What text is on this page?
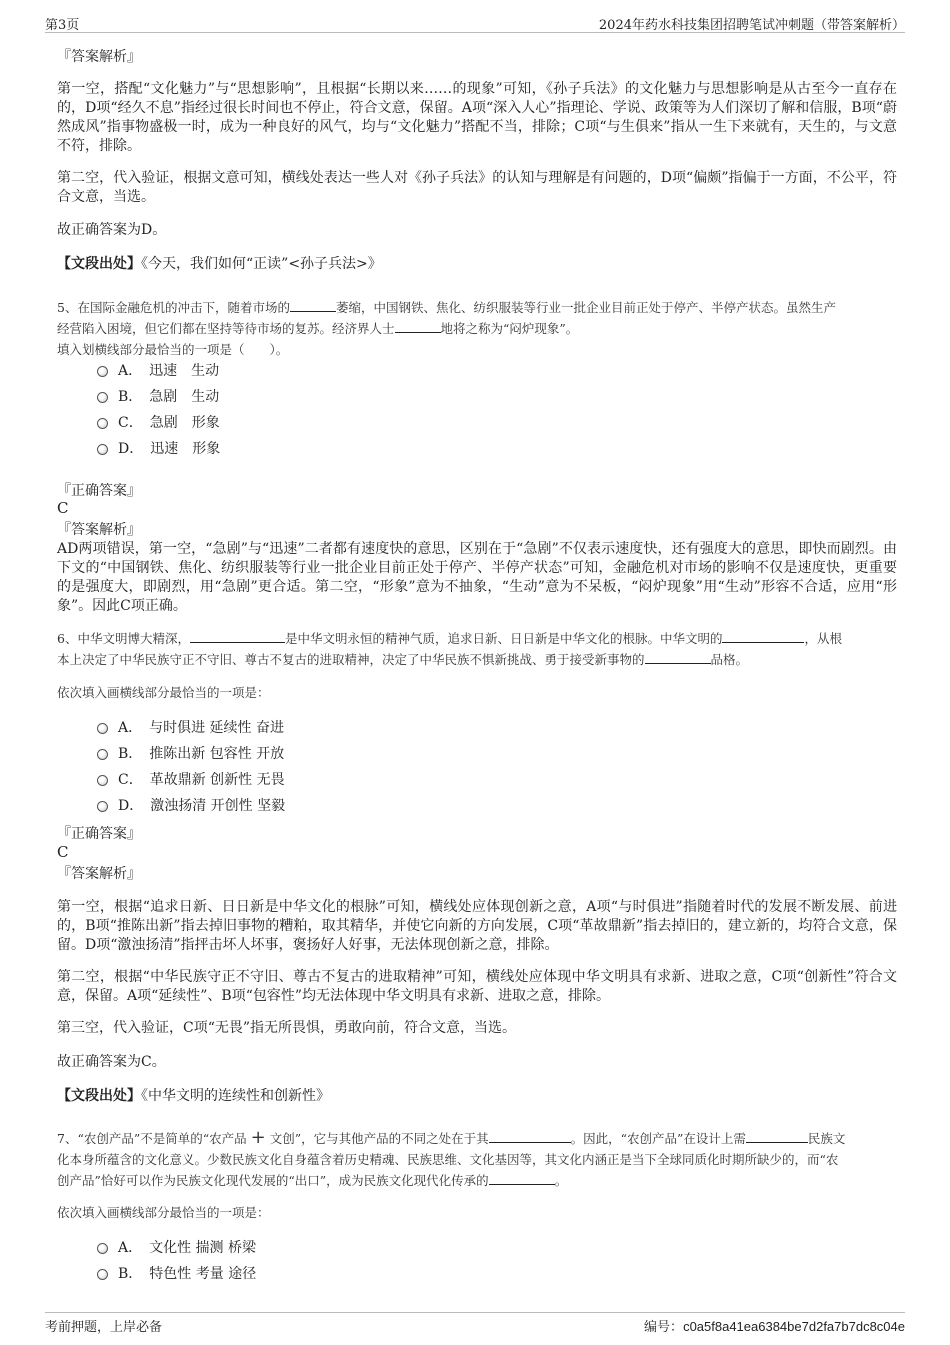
第3页	2024年药水科技集团招聘笔试冲刺题（带答案解析）
『答案解析』
第一空，搭配“文化魅力”与“思想影响”，且根据“长期以来……的现象”可知，《孙子兵法》的文化魅力与思想影响是从古至今一直存在的，D项“经久不息”指经过很长时间也不停止，符合文意，保留。A项“深入人心”指理论、学说、政策等为人们深切了解和信服，B项“蔚然成风”指事物盛极一时，成为一种良好的风气，均与“文化魅力”搭配不当，排除；C项“与生俱来”指从一生下来就有，天生的，与文意不符，排除。
第二空，代入验证，根据文意可知，横线处表达一些人对《孙子兵法》的认知与理解是有问题的，D项“偏颇”指偏于一方面，不公平，符合文意，当选。
故正确答案为D。
【文段出处】《今天，我们如何“正读”<孙子兵法>》
5、在国际金融危机的冲击下，随着市场的	萎缩，中国钢铁、焦化、纺织服装等行业一批企业目前正处于停产、半停产状态。虽然生产
经营陷入困境，但它们都在坚持等待市场的复苏。经济界人士	地将之称为“闷炉现象”。
填入划横线部分最恰当的一项是（　　）。
A．　迅速　生动
B．　急剧　生动
C．　急剧　形象
D．　迅速　形象
『正确答案』
C
『答案解析』
AD两项错误，第一空，“急剧”与“迅速”二者都有速度快的意思，区别在于“急剧”不仅表示速度快，还有强度大的意思，即快而剧烈。由下文的“中国钢铁、焦化、纺织服装等行业一批企业目前正处于停产、半停产状态”可知，金融危机对市场的影响不仅是速度快，更重要的是强度大，即剧烈，用“急剧”更合适。第二空，“形象”意为不抽象，“生动”意为不呆板，“闷炉现象”用“生动”形容不合适，应用“形象”。因此C项正确。
6、中华文明博大精深，	是中华文明永恒的精神气质，追求日新、日日新是中华文化的根脉。中华文明的	，从根
本上决定了中华民族守正不守旧、尊古不复古的进取精神，决定了中华民族不惧新挑战、勇于接受新事物的	品格。
依次填入画横线部分最恰当的一项是：
A．　与时俱进 延续性 奋进
B．　推陈出新 包容性 开放
C．　革故鼎新 创新性 无畏
D．　激浊扬清 开创性 坚毅
『正确答案』
C
『答案解析』
第一空，根据“追求日新、日日新是中华文化的根脉”可知，横线处应体现创新之意，A项“与时俱进”指随着时代的发展不断发展、前进的，B项“推陈出新”指去掉旧事物的糟粕，取其精华，并使它向新的方向发展，C项“革故鼎新”指去掉旧的，建立新的，均符合文意，保留。D项“激浊扬清”指抨击坏人坏事，褒扬好人好事，无法体现创新之意，排除。
第二空，根据“中华民族守正不守旧、尊古不复古的进取精神”可知，横线处应体现中华文明具有求新、进取之意，C项“创新性”符合文意，保留。A项“延续性”、B项“包容性”均无法体现中华文明具有求新、进取之意，排除。
第三空，代入验证，C项“无畏”指无所畏惧，勇敢向前，符合文意，当选。
故正确答案为C。
【文段出处】《中华文明的连续性和创新性》
7、“农创产品”不是简单的“农产品 + 文创”，它与其他产品的不同之处在于其	。因此，“农创产品”在设计上需	民族文
化本身所蕴含的文化意义。少数民族文化自身蕴含着历史精魂、民族思维、文化基因等，其文化内涵正是当下全球同质化时期所缺少的，而“农
创产品”恰好可以作为民族文化现代发展的“出口”，成为民族文化现代化传承的	。
依次填入画横线部分最恰当的一项是：
A．　文化性 揣测 桥梁
B．　特色性 考量 途径
考前押题，上岸必备	编号：c0a5f8a41ea6384be7d2fa7b7dc8c04e
